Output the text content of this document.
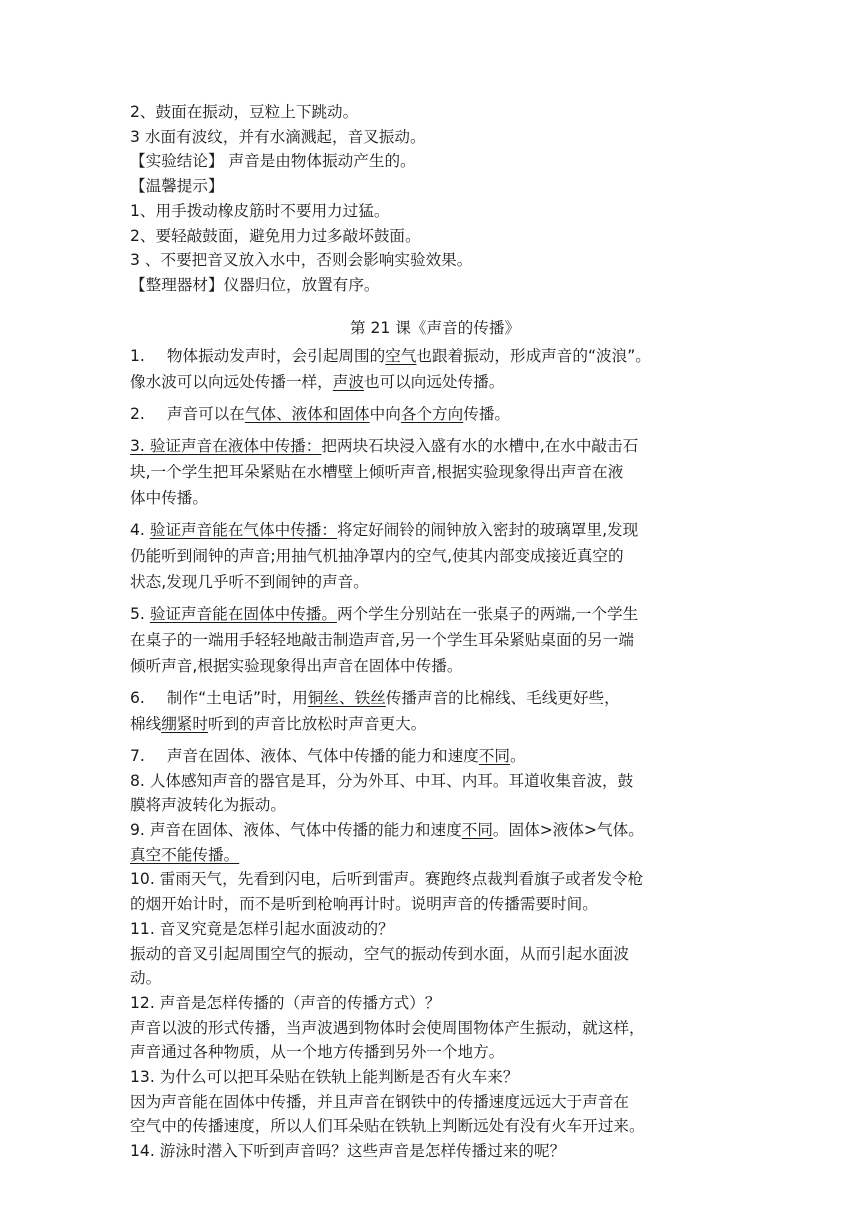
2、鼓面在振动，豆粒上下跳动。
3 水面有波纹，并有水滴溅起，音叉振动。
【实验结论】 声音是由物体振动产生的。
【温馨提示】
1、用手拨动橡皮筋时不要用力过猛。
2、要轻敲鼓面，避免用力过多敲坏鼓面。
3 、不要把音叉放入水中，否则会影响实验效果。
【整理器材】仪器归位，放置有序。
第 21 课《声音的传播》
1. 物体振动发声时，会引起周围的空气也跟着振动，形成声音的“波浪”。
像水波可以向远处传播一样，声波也可以向远处传播。
2. 声音可以在气体、液体和固体中向各个方向传播。
3. 验证声音在液体中传播：把两块石块浸入盛有水的水槽中,在水中敲击石
块,一个学生把耳朵紧贴在水槽壁上倾听声音,根据实验现象得出声音在液
体中传播。
4. 验证声音能在气体中传播：将定好闹铃的闹钟放入密封的玻璃罩里,发现
仍能听到闹钟的声音;用抽气机抽净罩内的空气,使其内部变成接近真空的
状态,发现几乎听不到闹钟的声音。
5. 验证声音能在固体中传播。两个学生分别站在一张桌子的两端,一个学生
在桌子的一端用手轻轻地敲击制造声音,另一个学生耳朵紧贴桌面的另一端
倾听声音,根据实验现象得出声音在固体中传播。
6. 制作“土电话”时，用铜丝、铁丝传播声音的比棉线、毛线更好些，
棉线绷紧时听到的声音比放松时声音更大。
7. 声音在固体、液体、气体中传播的能力和速度不同。
8. 人体感知声音的器官是耳，分为外耳、中耳、内耳。耳道收集音波，鼓
膜将声波转化为振动。
9. 声音在固体、液体、气体中传播的能力和速度不同。固体>液体>气体。
真空不能传播。
10. 雷雨天气，先看到闪电，后听到雷声。赛跑终点裁判看旗子或者发令枪
的烟开始计时，而不是听到枪响再计时。说明声音的传播需要时间。
11. 音叉究竟是怎样引起水面波动的？
振动的音叉引起周围空气的振动，空气的振动传到水面，从而引起水面波
动。
12. 声音是怎样传播的（声音的传播方式）？
声音以波的形式传播，当声波遇到物体时会使周围物体产生振动，就这样，
声音通过各种物质，从一个地方传播到另外一个地方。
13. 为什么可以把耳朵贴在铁轨上能判断是否有火车来？
因为声音能在固体中传播，并且声音在钢铁中的传播速度远远大于声音在
空气中的传播速度，所以人们耳朵贴在铁轨上判断远处有没有火车开过来。
14. 游泳时潜入下听到声音吗？这些声音是怎样传播过来的呢？
